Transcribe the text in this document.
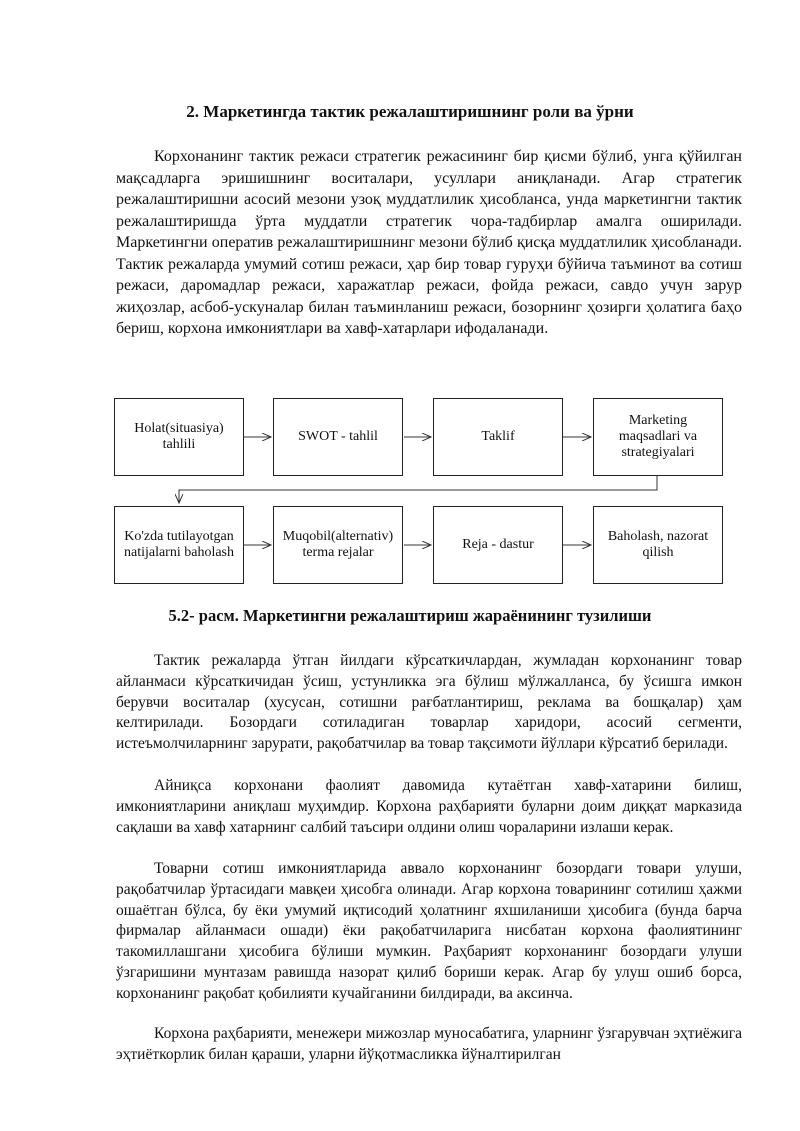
2. Маркетингда тактик режалаштиришнинг роли ва ўрни

Корхонанинг тактик режаси стратегик режасининг бир қисми бўлиб, унга қўйилган мақсадларга эришишнинг воситалари, усуллари аниқланади. Агар стратегик режалаштиришни асосий мезони узоқ муддатлилик ҳисобланса, унда маркетингни тактик режалаштиришда ўрта муддатли стратегик чора-тадбирлар амалга оширилади. Маркетингни оператив режалаштиришнинг мезони бўлиб қисқа муддатлилик ҳисобланади. Тактик режаларда умумий сотиш режаси, ҳар бир товар гуруҳи бўйича таъминот ва сотиш режаси, даромадлар режаси, харажатлар режаси, фойда режаси, савдо учун зарур жиҳозлар, асбоб-ускуналар билан таъминланиш режаси, бозорнинг ҳозирги ҳолатига баҳо бериш, корхона имкониятлари ва хавф-хатарлари ифодаланади.

Holat(situasiya) tahlili
SWOT - tahlil	Taklif
Marketing maqsadlari va strategiyalari
Ko'zda tutilayotgan natijalarni baholash
Muqobil(alternativ) terma rejalar
Reja - dastur
Baholash, nazorat qilish
5.2- расм. Маркетингни режалаштириш жараёнининг тузилиши

Тактик режаларда ўтган йилдаги кўрсаткичлардан, жумладан корхонанинг товар айланмаси кўрсаткичидан ўсиш, устунликка эга бўлиш мўлжалланса, бу ўсишга имкон берувчи воситалар (хусусан, сотишни рағбатлантириш, реклама ва бошқалар) ҳам келтирилади. Бозордаги сотиладиган товарлар харидори, асосий сегменти, истеъмолчиларнинг зарурати, рақобатчилар ва товар тақсимоти йўллари кўрсатиб берилади.

Айниқса корхонани фаолият давомида кутаётган хавф-хатарини билиш, имкониятларини аниқлаш муҳимдир. Корхона раҳбарияти буларни доим диққат марказида сақлаши ва хавф хатарнинг салбий таъсири олдини олиш чораларини излаши керак.

Товарни сотиш имкониятларида аввало корхонанинг бозордаги товари улуши, рақобатчилар ўртасидаги мавқеи ҳисобга олинади. Агар корхона товарининг сотилиш ҳажми ошаётган бўлса, бу ёки умумий иқтисодий ҳолатнинг яхшиланиши ҳисобига (бунда барча фирмалар айланмаси ошади) ёки рақобатчиларига нисбатан корхона фаолиятининг такомиллашгани ҳисобига бўлиши мумкин. Раҳбарият корхонанинг бозордаги улуши ўзгаришини мунтазам равишда назорат қилиб бориши керак. Агар бу улуш ошиб борса, корхонанинг рақобат қобилияти кучайганини билдиради, ва аксинча.

Корхона раҳбарияти, менежери мижозлар муносабатига, уларнинг ўзгарувчан эҳтиёжига эҳтиёткорлик билан қараши, уларни йўқотмасликка йўналтирилган
